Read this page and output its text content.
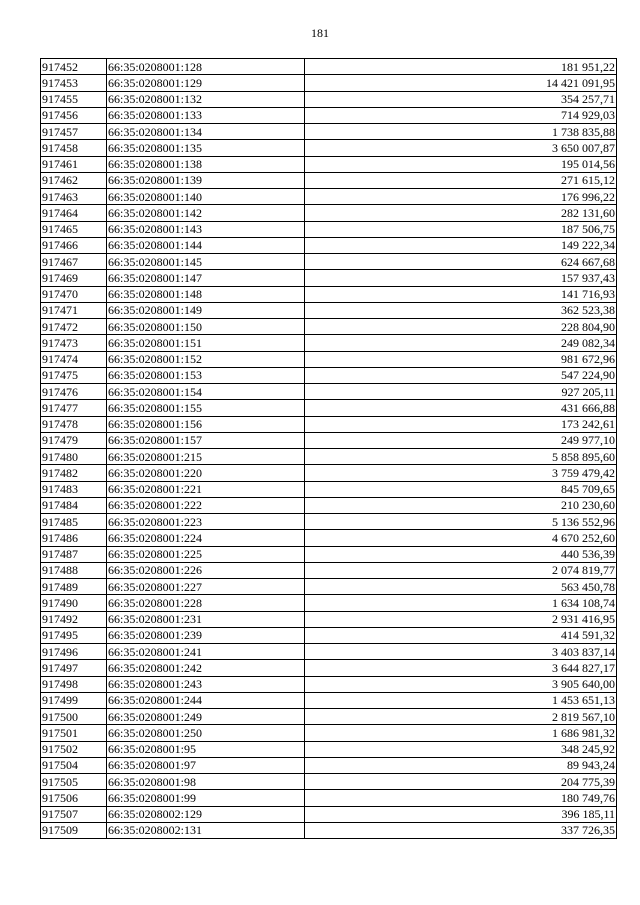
181
917452	66:35:0208001:128	181 951,22
917453	66:35:0208001:129	14 421 091,95
917455	66:35:0208001:132	354 257,71
917456	66:35:0208001:133	714 929,03
917457	66:35:0208001:134	1 738 835,88
917458	66:35:0208001:135	3 650 007,87
917461	66:35:0208001:138	195 014,56
917462	66:35:0208001:139	271 615,12
917463	66:35:0208001:140	176 996,22
917464	66:35:0208001:142	282 131,60
917465	66:35:0208001:143	187 506,75
917466	66:35:0208001:144	149 222,34
917467	66:35:0208001:145	624 667,68
917469	66:35:0208001:147	157 937,43
917470	66:35:0208001:148	141 716,93
917471	66:35:0208001:149	362 523,38
917472	66:35:0208001:150	228 804,90
917473	66:35:0208001:151	249 082,34
917474	66:35:0208001:152	981 672,96
917475	66:35:0208001:153	547 224,90
917476	66:35:0208001:154	927 205,11
917477	66:35:0208001:155	431 666,88
917478	66:35:0208001:156	173 242,61
917479	66:35:0208001:157	249 977,10
917480	66:35:0208001:215	5 858 895,60
917482	66:35:0208001:220	3 759 479,42
917483	66:35:0208001:221	845 709,65
917484	66:35:0208001:222	210 230,60
917485	66:35:0208001:223	5 136 552,96
917486	66:35:0208001:224	4 670 252,60
917487	66:35:0208001:225	440 536,39
917488	66:35:0208001:226	2 074 819,77
917489	66:35:0208001:227	563 450,78
917490	66:35:0208001:228	1 634 108,74
917492	66:35:0208001:231	2 931 416,95
917495	66:35:0208001:239	414 591,32
917496	66:35:0208001:241	3 403 837,14
917497	66:35:0208001:242	3 644 827,17
917498	66:35:0208001:243	3 905 640,00
917499	66:35:0208001:244	1 453 651,13
917500	66:35:0208001:249	2 819 567,10
917501	66:35:0208001:250	1 686 981,32
917502	66:35:0208001:95	348 245,92
917504	66:35:0208001:97	89 943,24
917505	66:35:0208001:98	204 775,39
917506	66:35:0208001:99	180 749,76
917507	66:35:0208002:129	396 185,11
917509	66:35:0208002:131	337 726,35
